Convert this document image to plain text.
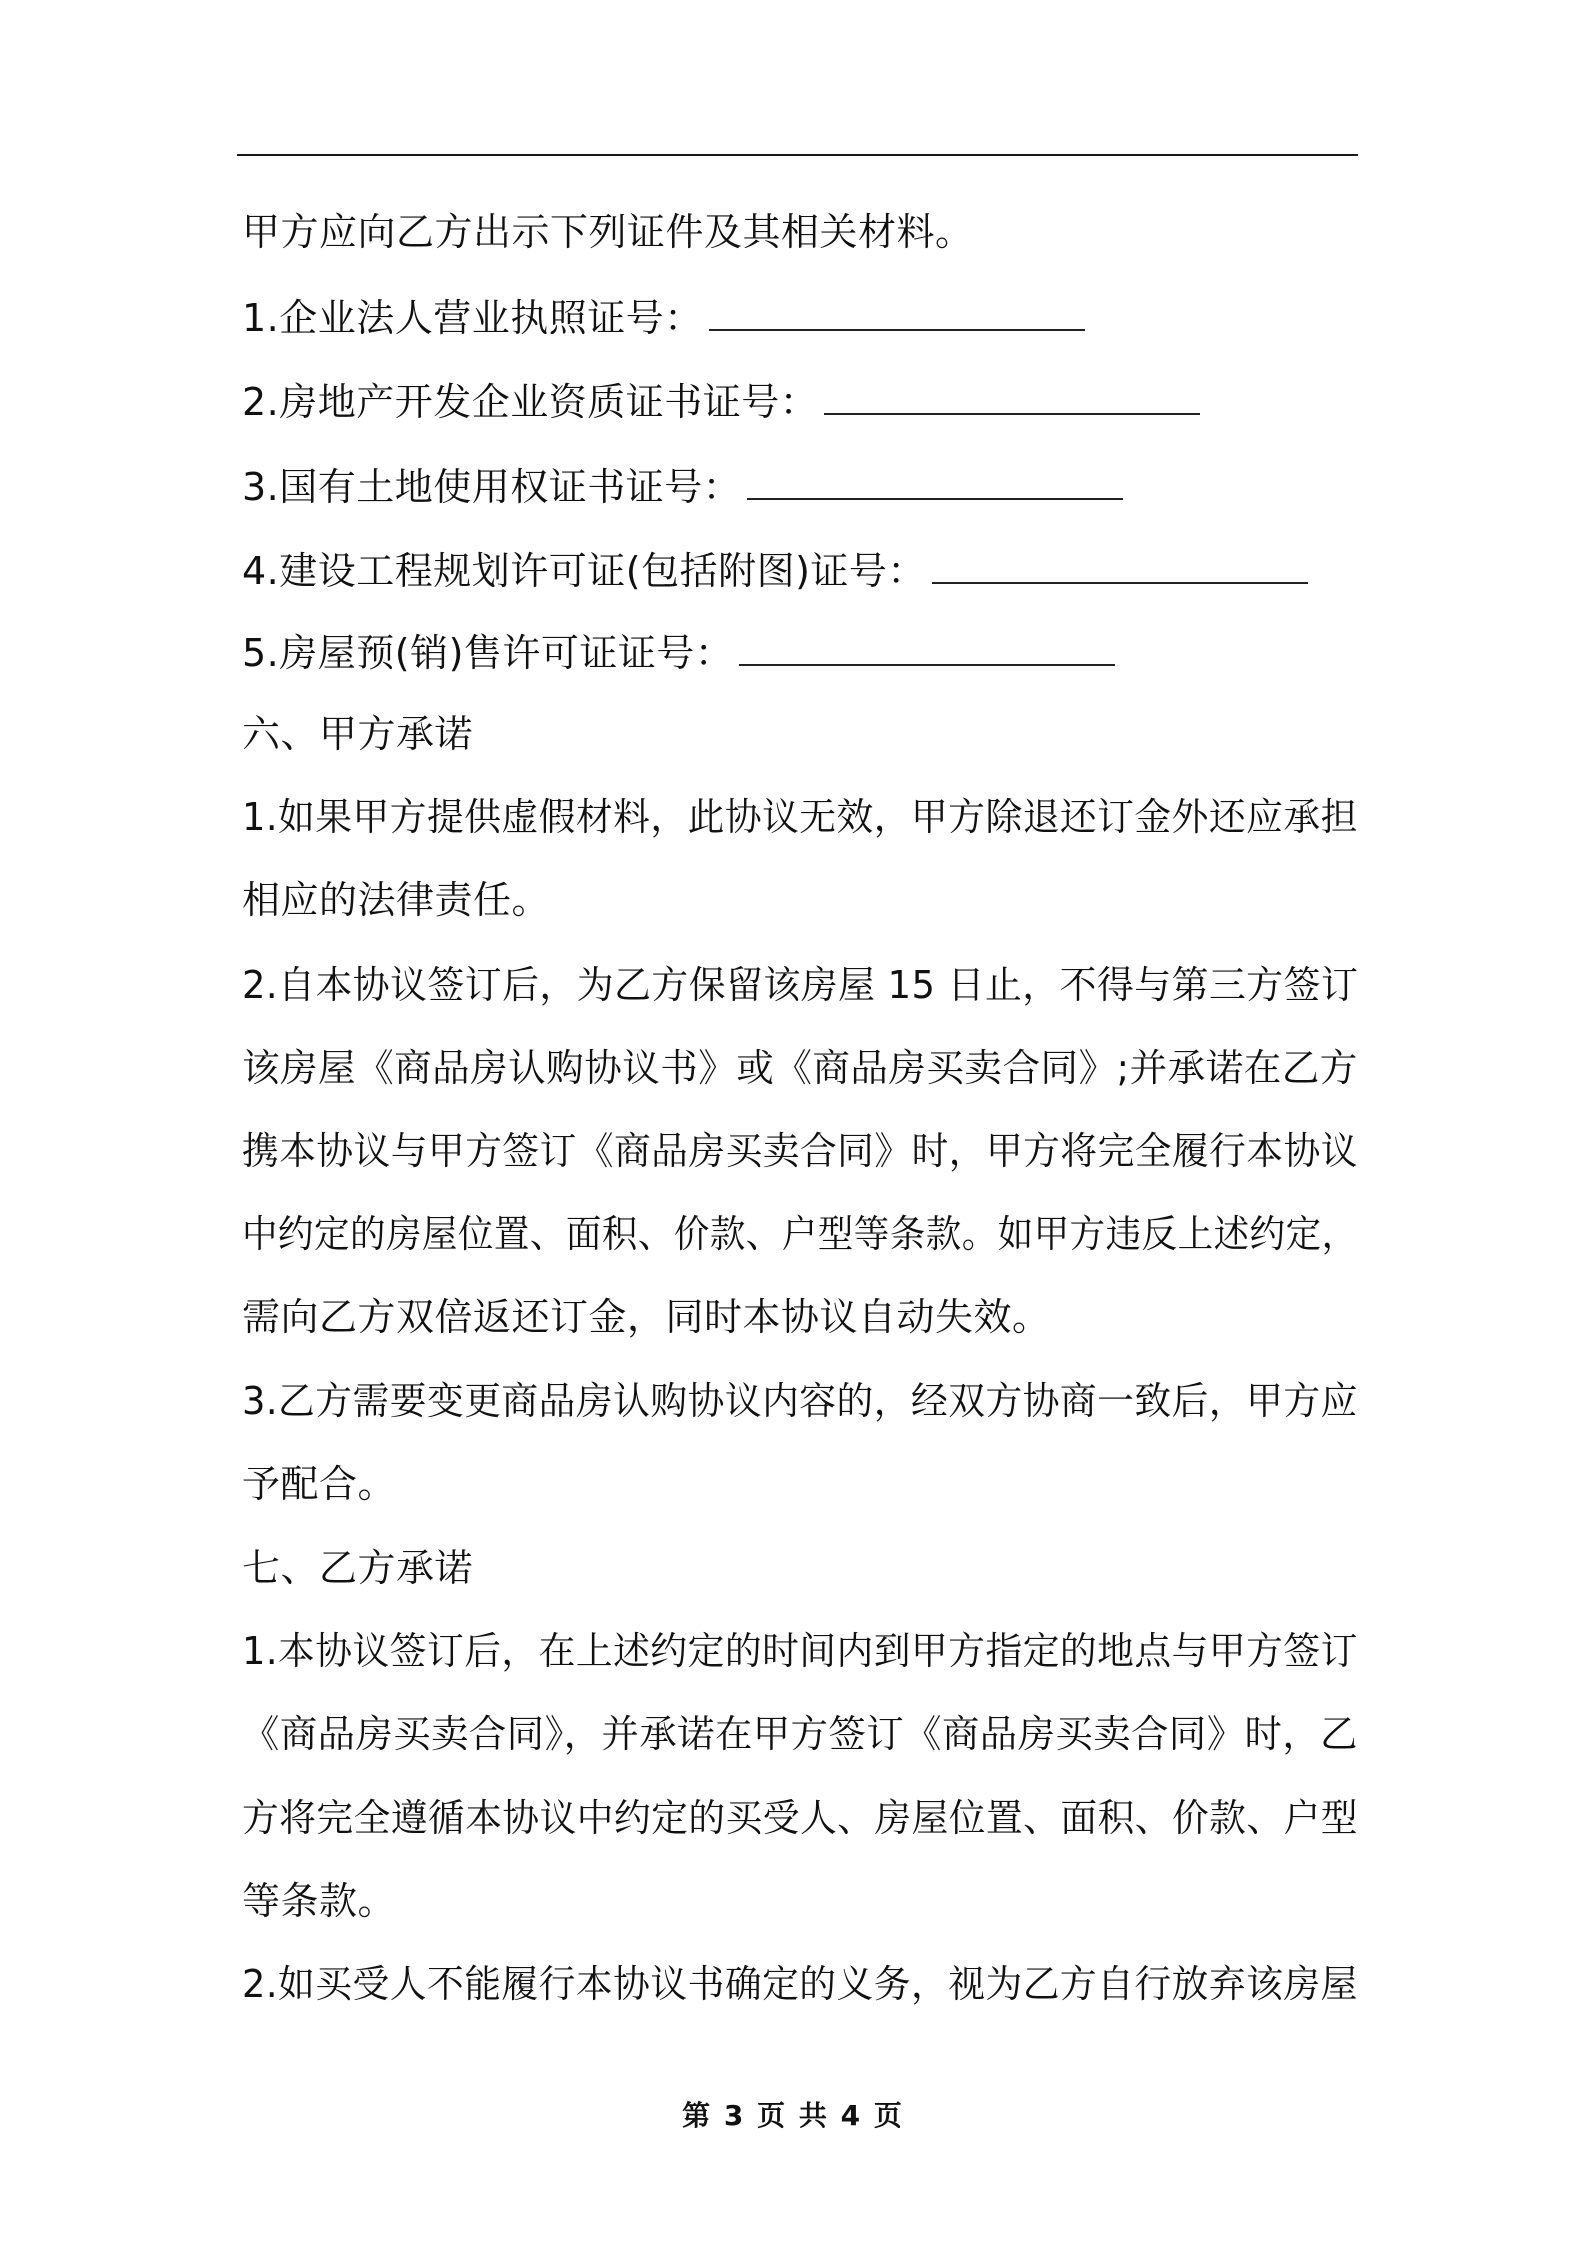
甲方应向乙方出示下列证件及其相关材料。
1.企业法人营业执照证号：
2.房地产开发企业资质证书证号：
3.国有土地使用权证书证号：
4.建设工程规划许可证(包括附图)证号：
5.房屋预(销)售许可证证号：
六、甲方承诺
1.如果甲方提供虚假材料，此协议无效，甲方除退还订金外还应承担
相应的法律责任。
2.自本协议签订后，为乙方保留该房屋 15 日止，不得与第三方签订
该房屋《商品房认购协议书》或《商品房买卖合同》;并承诺在乙方
携本协议与甲方签订《商品房买卖合同》时，甲方将完全履行本协议
中约定的房屋位置、面积、价款、户型等条款。如甲方违反上述约定，
需向乙方双倍返还订金，同时本协议自动失效。
3.乙方需要变更商品房认购协议内容的，经双方协商一致后，甲方应
予配合。
七、乙方承诺
1.本协议签订后，在上述约定的时间内到甲方指定的地点与甲方签订
《商品房买卖合同》，并承诺在甲方签订《商品房买卖合同》时，乙
方将完全遵循本协议中约定的买受人、房屋位置、面积、价款、户型
等条款。
2.如买受人不能履行本协议书确定的义务，视为乙方自行放弃该房屋
第 3 页 共 4 页
